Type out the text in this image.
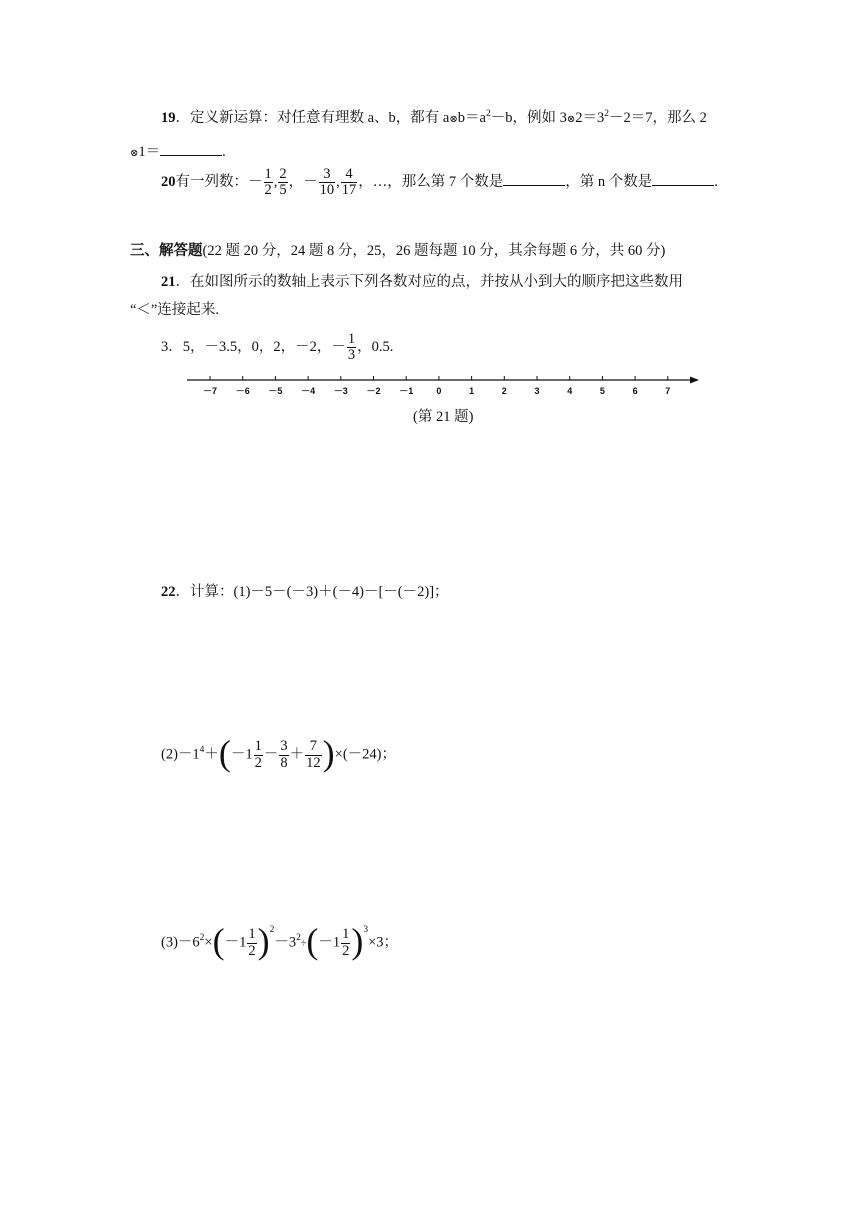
19．定义新运算：对任意有理数 a、b，都有 $a\otimes b=a^2-b$，例如 $3\otimes 2=3^2-2=7$，那么 2
⊗1＝	.
20有一列数：－ $\frac{1}{2}$ , $\frac{2}{5}$ ，－ $\frac{3}{10}$ , $\frac{4}{17}$ ，…，那么第 7 个数是	，第 n 个数是	.
三、解答题(22 题 20 分，24 题 8 分，25，26 题每题 10 分，其余每题 6 分，共 60 分)
21．在如图所示的数轴上表示下列各数对应的点，并按从小到大的顺序把这些数用
“＜”连接起来.
3．5，－3.5，0，2，－2，－ $\frac{1}{3}$ ，0.5.
－7 －6 －5 －4 －3 －2 －1	0	1	2	3	4	5	6	7
(第 21 题)
22．计算：(1)－5－(－3)＋(－4)－[－(－2)]；
$(2)-1^4+(-1 \frac{1}{2} - \frac{3}{8} + \frac{7}{12} )\times(-24)$；
$(3)-6^2\times(-1 \frac{1}{2} )^2-3^2\div(-1 \frac{1}{2} )^3\times 3$；
